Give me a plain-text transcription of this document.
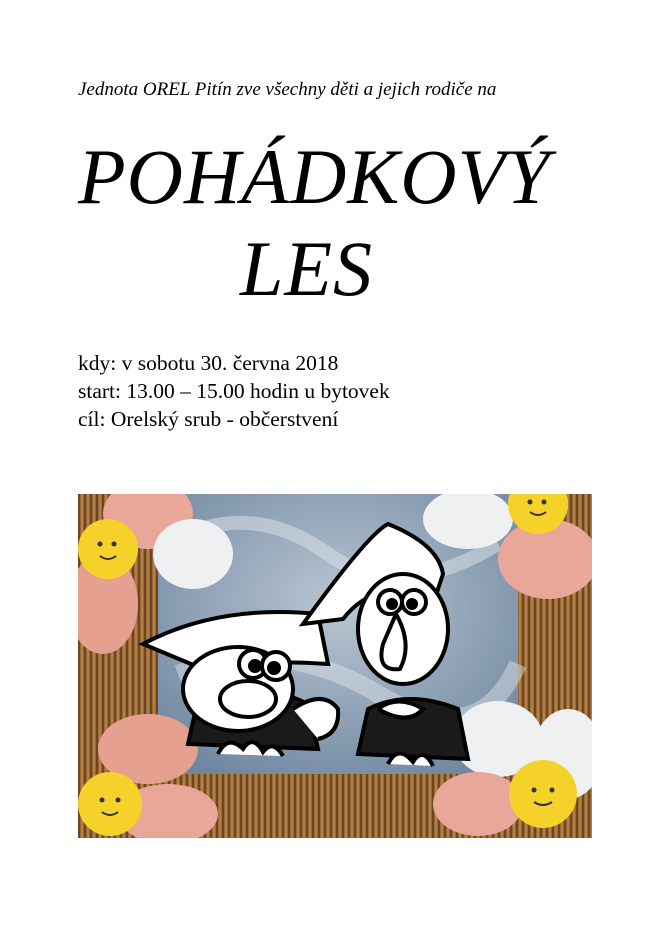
Jednota OREL Pitín zve všechny děti a jejich rodiče na
POHÁDKOVÝ
LES
kdy: v sobotu 30. června 2018
start: 13.00 – 15.00 hodin u bytovek
cíl: Orelský srub - občerstvení
